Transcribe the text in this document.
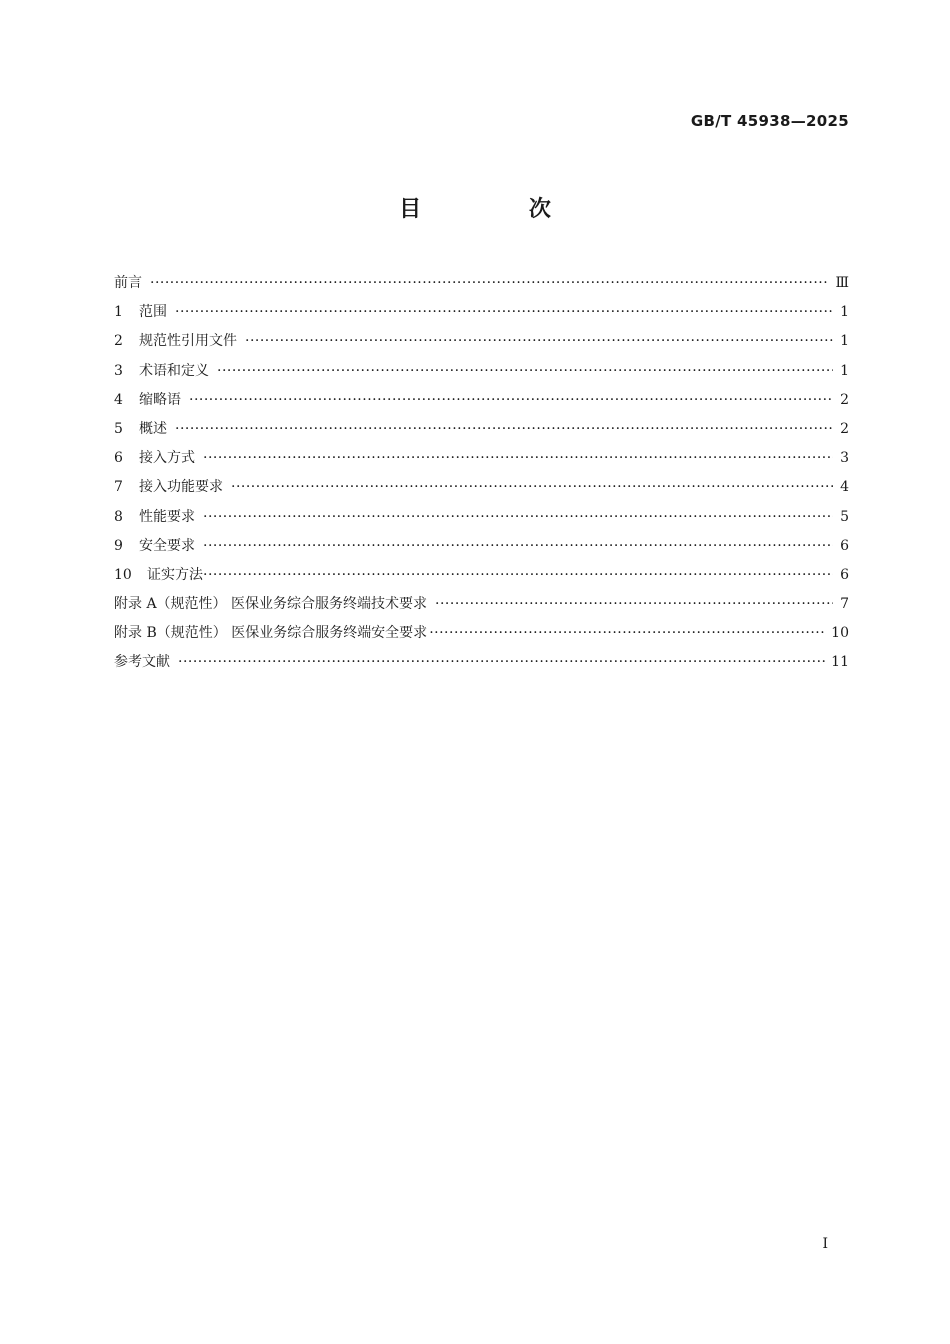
GB/T 45938—2025
目 次
前言 ·····	Ⅲ
1	范围 ·····	1
2	规范性引用文件 ·····	1
3	术语和定义 ·····	1
4	缩略语 ·····	2
5	概述 ·····	2
6	接入方式 ·····	3
7	接入功能要求 ·····	4
8	性能要求 ·····	5
9	安全要求 ·····	6
10	证实方法 ·····	6
附录 A（规范性） 医保业务综合服务终端技术要求 ·····	7
附录 B（规范性） 医保业务综合服务终端安全要求 ·····	10
参考文献 ·····	11
I
